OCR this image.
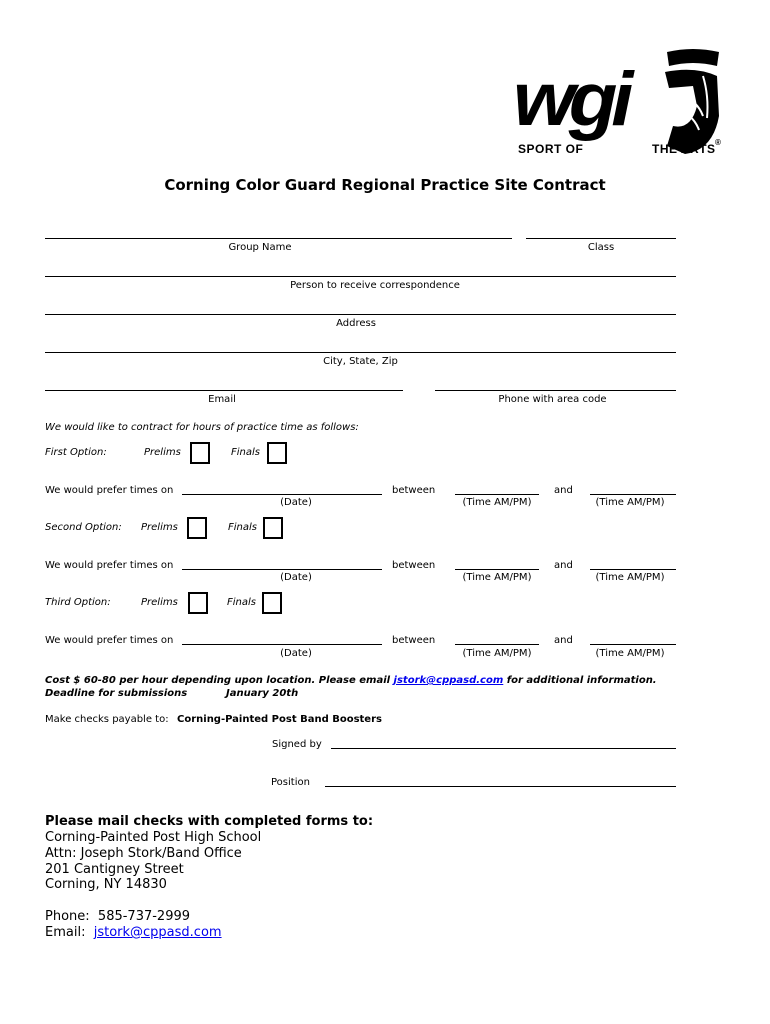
wgi
SPORT OF	THE ARTS ®
Corning Color Guard Regional Practice Site Contract
Group Name	Class
Person to receive correspondence
Address
City, State, Zip
Email	Phone with area code
We would like to contract for hours of practice time as follows:
First Option:	Prelims	Finals
We would prefer times on
(Date)
between
(Time AM/PM)
and
(Time AM/PM)
Second Option: Prelims	Finals
We would prefer times on
(Date)
between
(Time AM/PM)
and
(Time AM/PM)
Third Option:	Prelims	Finals
We would prefer times on
(Date)
between
(Time AM/PM)
and
(Time AM/PM)
Cost $ 60-80 per hour depending upon location. Please email jstork@cppasd.com for additional information.
Deadline for submissions	January 20th
Make checks payable to: Corning-Painted Post Band Boosters
Signed by
Position
Please mail checks with completed forms to:
Corning-Painted Post High School
Attn: Joseph Stork/Band Office
201 Cantigney Street
Corning, NY 14830
Phone: 585-737-2999
Email: jstork@cppasd.com
